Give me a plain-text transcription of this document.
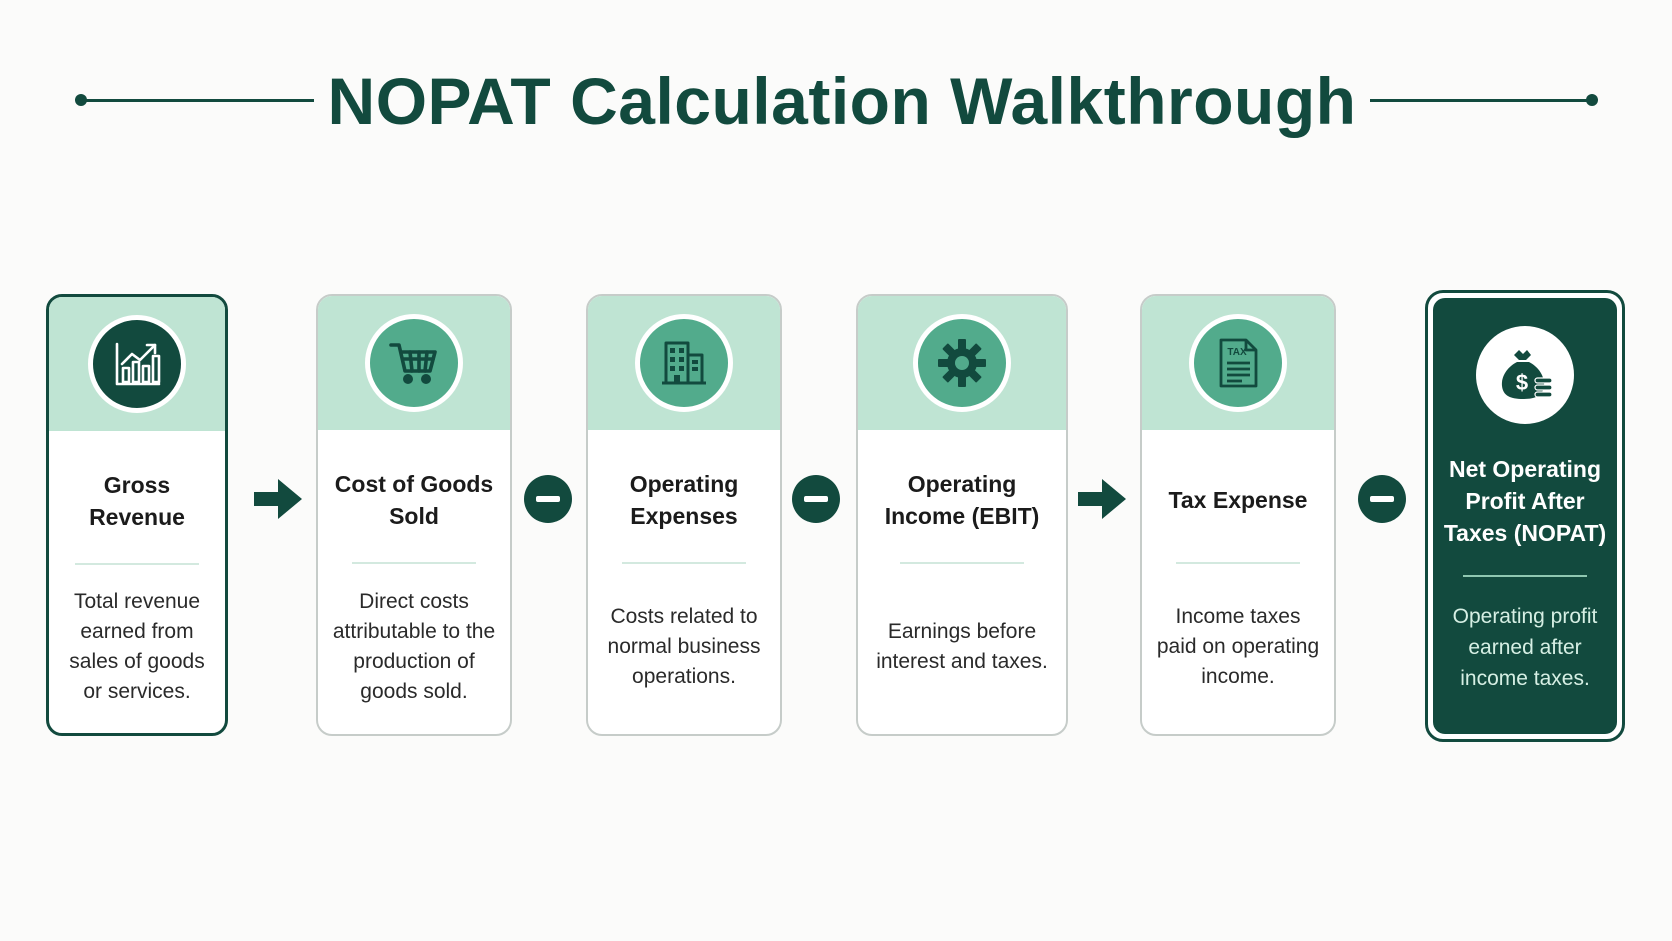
NOPAT Calculation Walkthrough
Gross Revenue
Total revenue earned from sales of goods or services.
Cost of Goods Sold
Direct costs attributable to the production of goods sold.
Operating Expenses
Costs related to normal business operations.
Operating Income (EBIT)
Earnings before interest and taxes.
TAX
Tax Expense
Income taxes paid on operating income.
$
Net Operating Profit After Taxes (NOPAT)
Operating profit earned after income taxes.
